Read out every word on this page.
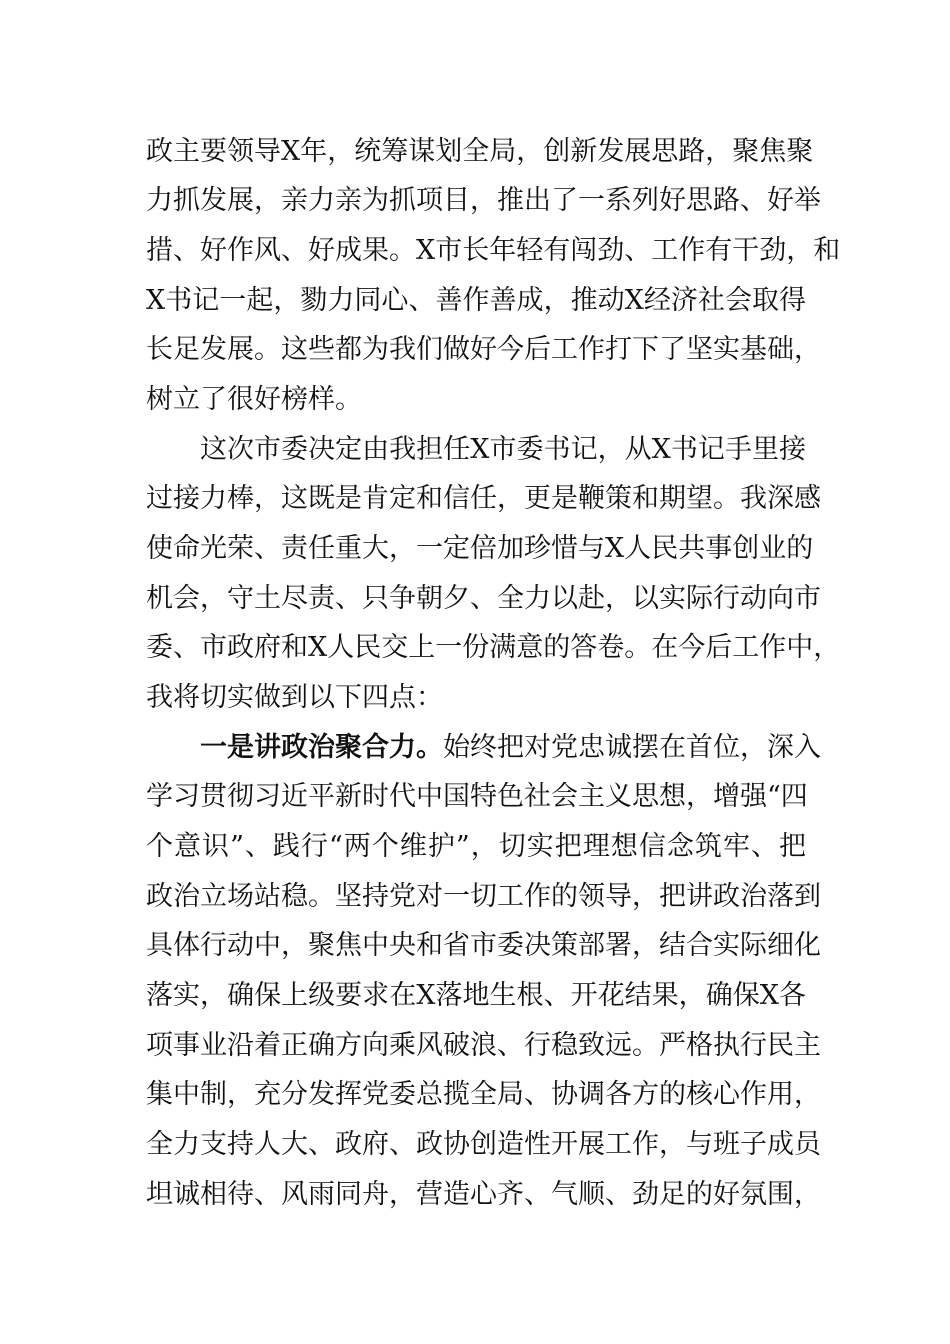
政主要领导X年，统筹谋划全局，创新发展思路，聚焦聚
力抓发展，亲力亲为抓项目，推出了一系列好思路、好举
措、好作风、好成果。X市长年轻有闯劲、工作有干劲，和
X书记一起，勠力同心、善作善成，推动X经济社会取得
长足发展。这些都为我们做好今后工作打下了坚实基础，
树立了很好榜样。
这次市委决定由我担任X市委书记，从X书记手里接
过接力棒，这既是肯定和信任，更是鞭策和期望。我深感
使命光荣、责任重大，一定倍加珍惜与X人民共事创业的
机会，守土尽责、只争朝夕、全力以赴，以实际行动向市
委、市政府和X人民交上一份满意的答卷。在今后工作中，
我将切实做到以下四点：
一是讲政治聚合力。始终把对党忠诚摆在首位，深入
学习贯彻习近平新时代中国特色社会主义思想，增强“四
个意识”、践行“两个维护”，切实把理想信念筑牢、把
政治立场站稳。坚持党对一切工作的领导，把讲政治落到
具体行动中，聚焦中央和省市委决策部署，结合实际细化
落实，确保上级要求在X落地生根、开花结果，确保X各
项事业沿着正确方向乘风破浪、行稳致远。严格执行民主
集中制，充分发挥党委总揽全局、协调各方的核心作用，
全力支持人大、政府、政协创造性开展工作，与班子成员
坦诚相待、风雨同舟，营造心齐、气顺、劲足的好氛围，
